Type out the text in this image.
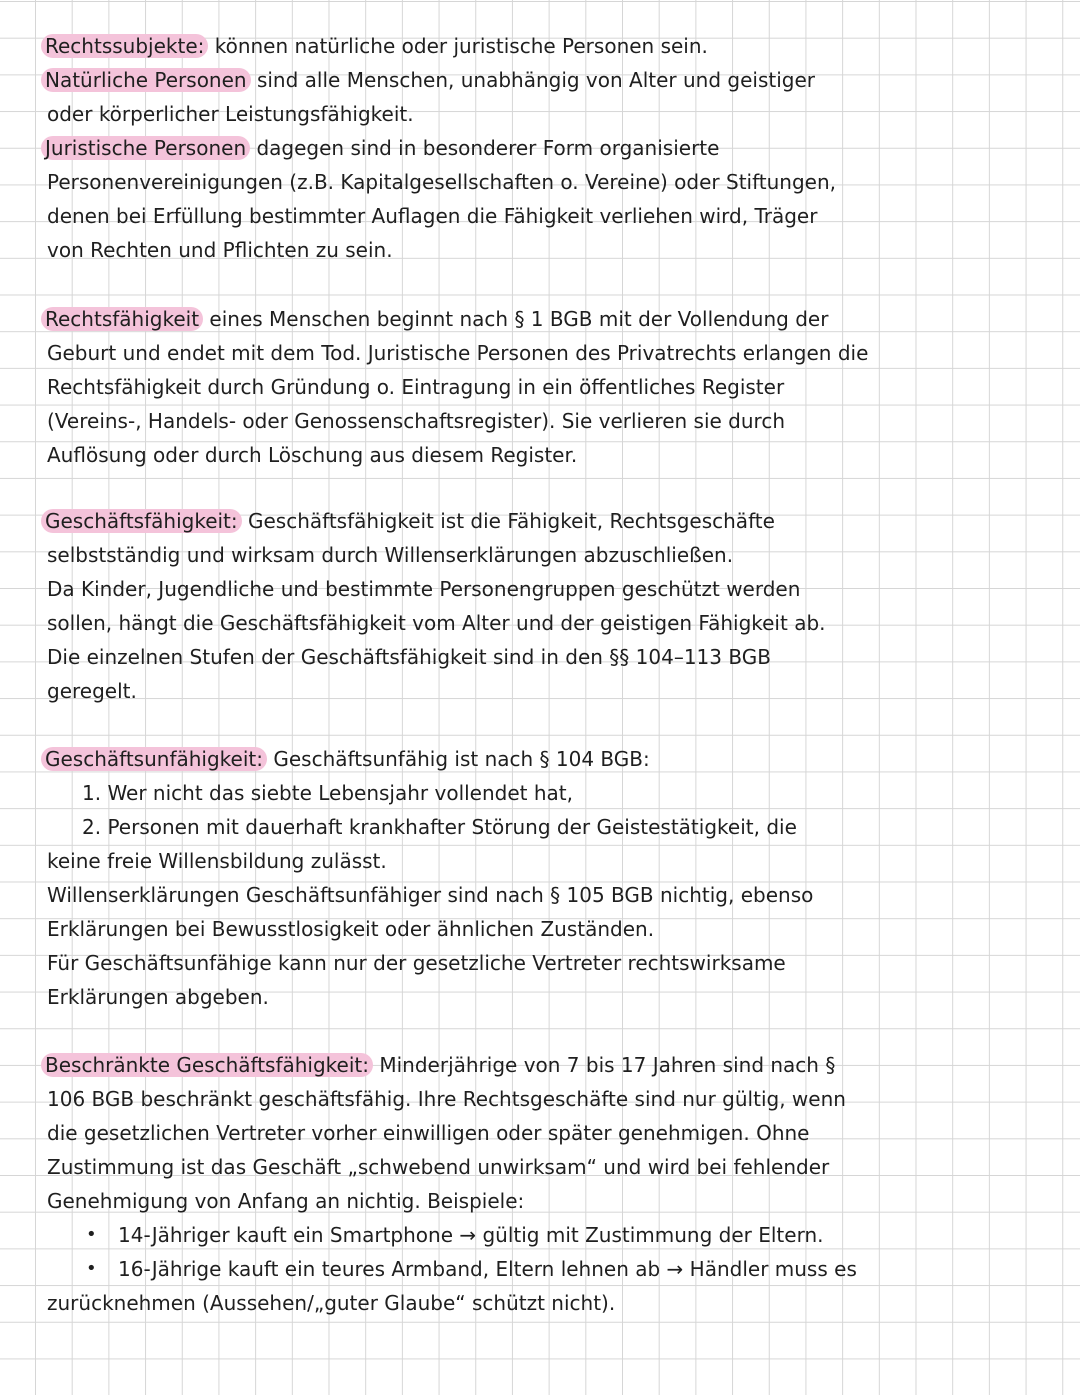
Rechtssubjekte: können natürliche oder juristische Personen sein.
Natürliche Personen sind alle Menschen, unabhängig von Alter und geistiger
oder körperlicher Leistungsfähigkeit.
Juristische Personen dagegen sind in besonderer Form organisierte
Personenvereinigungen (z.B. Kapitalgesellschaften o. Vereine) oder Stiftungen,
denen bei Erfüllung bestimmter Auflagen die Fähigkeit verliehen wird, Träger
von Rechten und Pflichten zu sein.
Rechtsfähigkeit eines Menschen beginnt nach § 1 BGB mit der Vollendung der
Geburt und endet mit dem Tod. Juristische Personen des Privatrechts erlangen die
Rechtsfähigkeit durch Gründung o. Eintragung in ein öffentliches Register
(Vereins-, Handels- oder Genossenschaftsregister). Sie verlieren sie durch
Auflösung oder durch Löschung aus diesem Register.
Geschäftsfähigkeit: Geschäftsfähigkeit ist die Fähigkeit, Rechtsgeschäfte
selbstständig und wirksam durch Willenserklärungen abzuschließen.
Da Kinder, Jugendliche und bestimmte Personengruppen geschützt werden
sollen, hängt die Geschäftsfähigkeit vom Alter und der geistigen Fähigkeit ab.
Die einzelnen Stufen der Geschäftsfähigkeit sind in den §§ 104–113 BGB
geregelt.
Geschäftsunfähigkeit: Geschäftsunfähig ist nach § 104 BGB:
1. Wer nicht das siebte Lebensjahr vollendet hat,
2. Personen mit dauerhaft krankhafter Störung der Geistestätigkeit, die
keine freie Willensbildung zulässt.
Willenserklärungen Geschäftsunfähiger sind nach § 105 BGB nichtig, ebenso
Erklärungen bei Bewusstlosigkeit oder ähnlichen Zuständen.
Für Geschäftsunfähige kann nur der gesetzliche Vertreter rechtswirksame
Erklärungen abgeben.
Beschränkte Geschäftsfähigkeit: Minderjährige von 7 bis 17 Jahren sind nach §
106 BGB beschränkt geschäftsfähig. Ihre Rechtsgeschäfte sind nur gültig, wenn
die gesetzlichen Vertreter vorher einwilligen oder später genehmigen. Ohne
Zustimmung ist das Geschäft „schwebend unwirksam“ und wird bei fehlender
Genehmigung von Anfang an nichtig. Beispiele:
• 14-Jähriger kauft ein Smartphone → gültig mit Zustimmung der Eltern.
• 16-Jährige kauft ein teures Armband, Eltern lehnen ab → Händler muss es
zurücknehmen (Aussehen/„guter Glaube“ schützt nicht).
